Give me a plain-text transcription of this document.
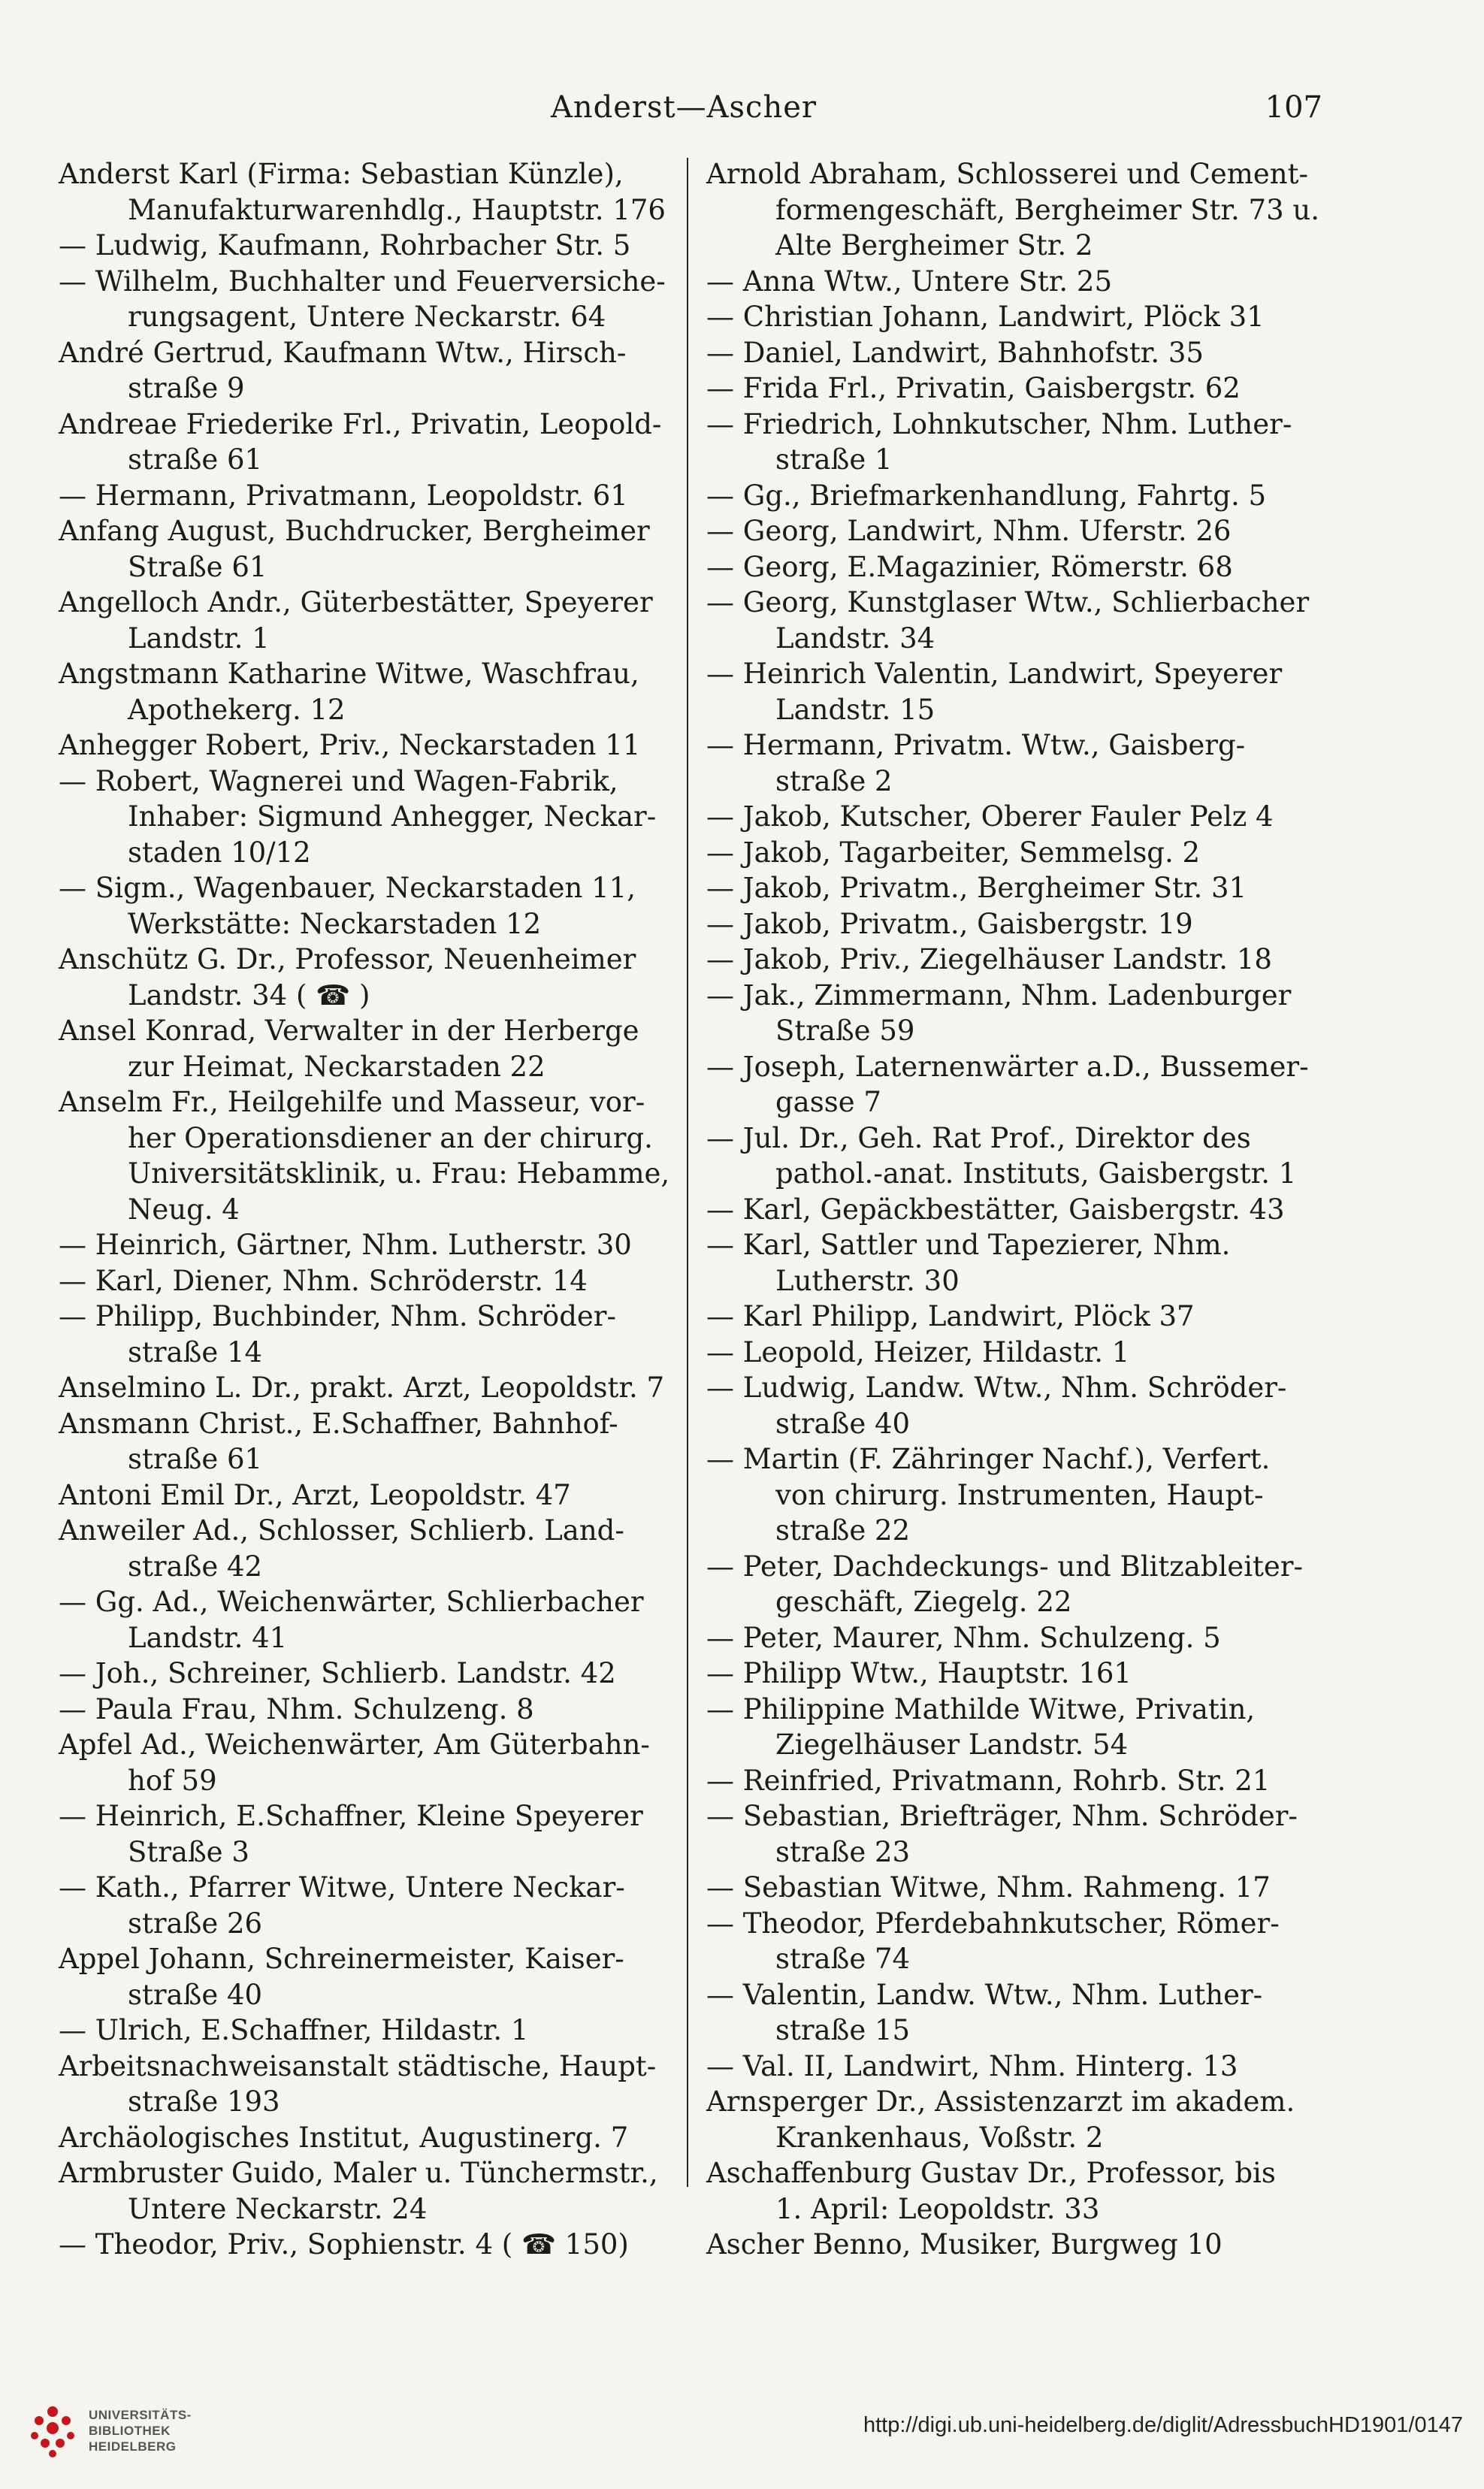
Anderst—Ascher	107
Anderst Karl (Firma: Sebastian Künzle),
Manufakturwarenhdlg., Hauptstr. 176
— Ludwig, Kaufmann, Rohrbacher Str. 5
— Wilhelm, Buchhalter und Feuerversiche-
rungsagent, Untere Neckarstr. 64
André Gertrud, Kaufmann Wtw., Hirsch-
straße 9
Andreae Friederike Frl., Privatin, Leopold-
straße 61
— Hermann, Privatmann, Leopoldstr. 61
Anfang August, Buchdrucker, Bergheimer
Straße 61
Angelloch Andr., Güterbestätter, Speyerer
Landstr. 1
Angstmann Katharine Witwe, Waschfrau,
Apothekerg. 12
Anhegger Robert, Priv., Neckarstaden 11
— Robert, Wagnerei und Wagen-Fabrik,
Inhaber: Sigmund Anhegger, Neckar-
staden 10/12
— Sigm., Wagenbauer, Neckarstaden 11,
Werkstätte: Neckarstaden 12
Anschütz G. Dr., Professor, Neuenheimer
Landstr. 34 ( ☎ )
Ansel Konrad, Verwalter in der Herberge
zur Heimat, Neckarstaden 22
Anselm Fr., Heilgehilfe und Masseur, vor-
her Operationsdiener an der chirurg.
Universitätsklinik, u. Frau: Hebamme,
Neug. 4
— Heinrich, Gärtner, Nhm. Lutherstr. 30
— Karl, Diener, Nhm. Schröderstr. 14
— Philipp, Buchbinder, Nhm. Schröder-
straße 14
Anselmino L. Dr., prakt. Arzt, Leopoldstr. 7
Ansmann Christ., E.Schaffner, Bahnhof-
straße 61
Antoni Emil Dr., Arzt, Leopoldstr. 47
Anweiler Ad., Schlosser, Schlierb. Land-
straße 42
— Gg. Ad., Weichenwärter, Schlierbacher
Landstr. 41
— Joh., Schreiner, Schlierb. Landstr. 42
— Paula Frau, Nhm. Schulzeng. 8
Apfel Ad., Weichenwärter, Am Güterbahn-
hof 59
— Heinrich, E.Schaffner, Kleine Speyerer
Straße 3
— Kath., Pfarrer Witwe, Untere Neckar-
straße 26
Appel Johann, Schreinermeister, Kaiser-
straße 40
— Ulrich, E.Schaffner, Hildastr. 1
Arbeitsnachweisanstalt städtische, Haupt-
straße 193
Archäologisches Institut, Augustinerg. 7
Armbruster Guido, Maler u. Tünchermstr.,
Untere Neckarstr. 24
— Theodor, Priv., Sophienstr. 4 ( ☎ 150)
Arnold Abraham, Schlosserei und Cement-
formengeschäft, Bergheimer Str. 73 u.
Alte Bergheimer Str. 2
— Anna Wtw., Untere Str. 25
— Christian Johann, Landwirt, Plöck 31
— Daniel, Landwirt, Bahnhofstr. 35
— Frida Frl., Privatin, Gaisbergstr. 62
— Friedrich, Lohnkutscher, Nhm. Luther-
straße 1
— Gg., Briefmarkenhandlung, Fahrtg. 5
— Georg, Landwirt, Nhm. Uferstr. 26
— Georg, E.Magazinier, Römerstr. 68
— Georg, Kunstglaser Wtw., Schlierbacher
Landstr. 34
— Heinrich Valentin, Landwirt, Speyerer
Landstr. 15
— Hermann, Privatm. Wtw., Gaisberg-
straße 2
— Jakob, Kutscher, Oberer Fauler Pelz 4
— Jakob, Tagarbeiter, Semmelsg. 2
— Jakob, Privatm., Bergheimer Str. 31
— Jakob, Privatm., Gaisbergstr. 19
— Jakob, Priv., Ziegelhäuser Landstr. 18
— Jak., Zimmermann, Nhm. Ladenburger
Straße 59
— Joseph, Laternenwärter a.D., Bussemer-
gasse 7
— Jul. Dr., Geh. Rat Prof., Direktor des
pathol.-anat. Instituts, Gaisbergstr. 1
— Karl, Gepäckbestätter, Gaisbergstr. 43
— Karl, Sattler und Tapezierer, Nhm.
Lutherstr. 30
— Karl Philipp, Landwirt, Plöck 37
— Leopold, Heizer, Hildastr. 1
— Ludwig, Landw. Wtw., Nhm. Schröder-
straße 40
— Martin (F. Zähringer Nachf.), Verfert.
von chirurg. Instrumenten, Haupt-
straße 22
— Peter, Dachdeckungs- und Blitzableiter-
geschäft, Ziegelg. 22
— Peter, Maurer, Nhm. Schulzeng. 5
— Philipp Wtw., Hauptstr. 161
— Philippine Mathilde Witwe, Privatin,
Ziegelhäuser Landstr. 54
— Reinfried, Privatmann, Rohrb. Str. 21
— Sebastian, Briefträger, Nhm. Schröder-
straße 23
— Sebastian Witwe, Nhm. Rahmeng. 17
— Theodor, Pferdebahnkutscher, Römer-
straße 74
— Valentin, Landw. Wtw., Nhm. Luther-
straße 15
— Val. II, Landwirt, Nhm. Hinterg. 13
Arnsperger Dr., Assistenzarzt im akadem.
Krankenhaus, Voßstr. 2
Aschaffenburg Gustav Dr., Professor, bis
1. April: Leopoldstr. 33
Ascher Benno, Musiker, Burgweg 10
UNIVERSITÄTS-
BIBLIOTHEK
HEIDELBERG
http://digi.ub.uni-heidelberg.de/diglit/AdressbuchHD1901/0147
